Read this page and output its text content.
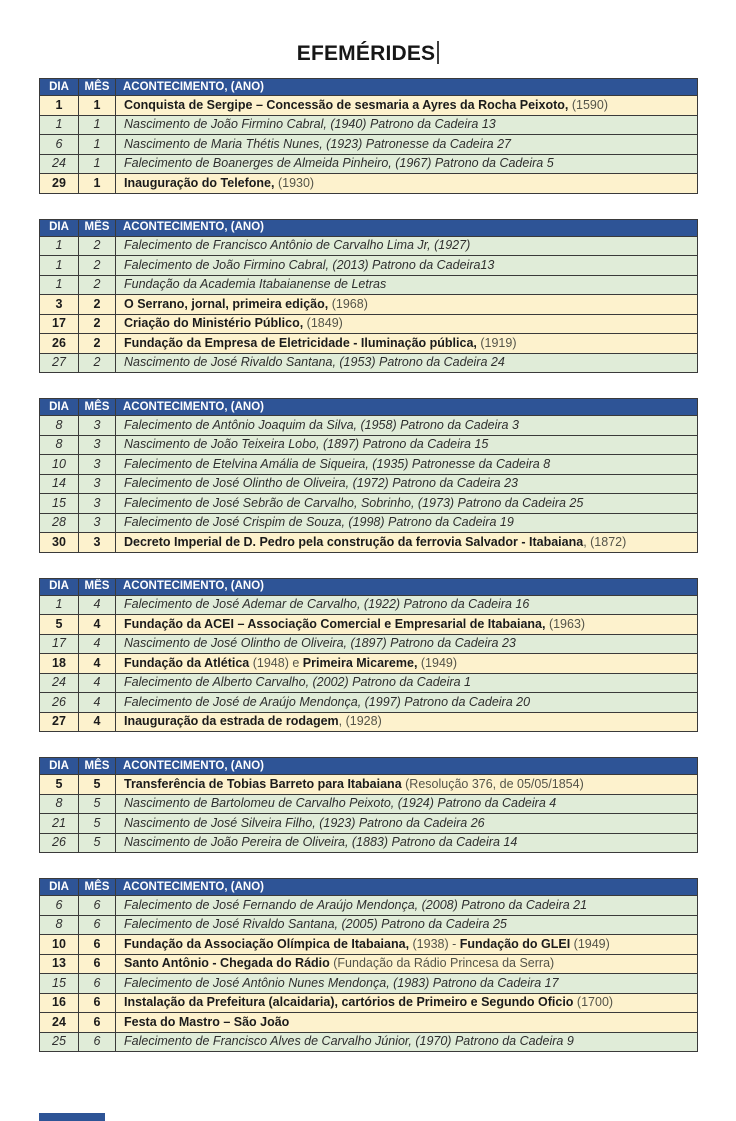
EFEMÉRIDES
DIA	MÊS	ACONTECIMENTO, (ANO)
1	1	Conquista de Sergipe – Concessão de sesmaria a Ayres da Rocha Peixoto, (1590)
1	1	Nascimento de João Firmino Cabral, (1940) Patrono da Cadeira 13
6	1	Nascimento de Maria Thétis Nunes, (1923) Patronesse da Cadeira 27
24	1	Falecimento de Boanerges de Almeida Pinheiro, (1967) Patrono da Cadeira 5
29	1	Inauguração do Telefone, (1930)
DIA	MÊS	ACONTECIMENTO, (ANO)
1	2	Falecimento de Francisco Antônio de Carvalho Lima Jr, (1927)
1	2	Falecimento de João Firmino Cabral, (2013) Patrono da Cadeira13
1	2	Fundação da Academia Itabaianense de Letras
3	2	O Serrano, jornal, primeira edição, (1968)
17	2	Criação do Ministério Público, (1849)
26	2	Fundação da Empresa de Eletricidade - Iluminação pública, (1919)
27	2	Nascimento de José Rivaldo Santana, (1953) Patrono da Cadeira 24
DIA	MÊS	ACONTECIMENTO, (ANO)
8	3	Falecimento de Antônio Joaquim da Silva, (1958) Patrono da Cadeira 3
8	3	Nascimento de João Teixeira Lobo, (1897) Patrono da Cadeira 15
10	3	Falecimento de Etelvina Amália de Siqueira, (1935) Patronesse da Cadeira 8
14	3	Falecimento de José Olintho de Oliveira, (1972) Patrono da Cadeira 23
15	3	Falecimento de José Sebrão de Carvalho, Sobrinho, (1973) Patrono da Cadeira 25
28	3	Falecimento de José Crispim de Souza, (1998) Patrono da Cadeira 19
30	3	Decreto Imperial de D. Pedro pela construção da ferrovia Salvador - Itabaiana, (1872)
DIA	MÊS	ACONTECIMENTO, (ANO)
1	4	Falecimento de José Ademar de Carvalho, (1922) Patrono da Cadeira 16
5	4	Fundação da ACEI – Associação Comercial e Empresarial de Itabaiana, (1963)
17	4	Nascimento de José Olintho de Oliveira, (1897) Patrono da Cadeira 23
18	4	Fundação da Atlética (1948) e Primeira Micareme, (1949)
24	4	Falecimento de Alberto Carvalho, (2002) Patrono da Cadeira 1
26	4	Falecimento de José de Araújo Mendonça, (1997) Patrono da Cadeira 20
27	4	Inauguração da estrada de rodagem, (1928)
DIA	MÊS	ACONTECIMENTO, (ANO)
5	5	Transferência de Tobias Barreto para Itabaiana (Resolução 376, de 05/05/1854)
8	5	Nascimento de Bartolomeu de Carvalho Peixoto, (1924) Patrono da Cadeira 4
21	5	Nascimento de José Silveira Filho, (1923) Patrono da Cadeira 26
26	5	Nascimento de João Pereira de Oliveira, (1883) Patrono da Cadeira 14
DIA	MÊS	ACONTECIMENTO, (ANO)
6	6	Falecimento de José Fernando de Araújo Mendonça, (2008) Patrono da Cadeira 21
8	6	Falecimento de José Rivaldo Santana, (2005) Patrono da Cadeira 25
10	6	Fundação da Associação Olímpica de Itabaiana, (1938) - Fundação do GLEI (1949)
13	6	Santo Antônio - Chegada do Rádio (Fundação da Rádio Princesa da Serra)
15	6	Falecimento de José Antônio Nunes Mendonça, (1983) Patrono da Cadeira 17
16	6	Instalação da Prefeitura (alcaidaria), cartórios de Primeiro e Segundo Oficio (1700)
24	6	Festa do Mastro – São João
25	6	Falecimento de Francisco Alves de Carvalho Júnior, (1970) Patrono da Cadeira 9
